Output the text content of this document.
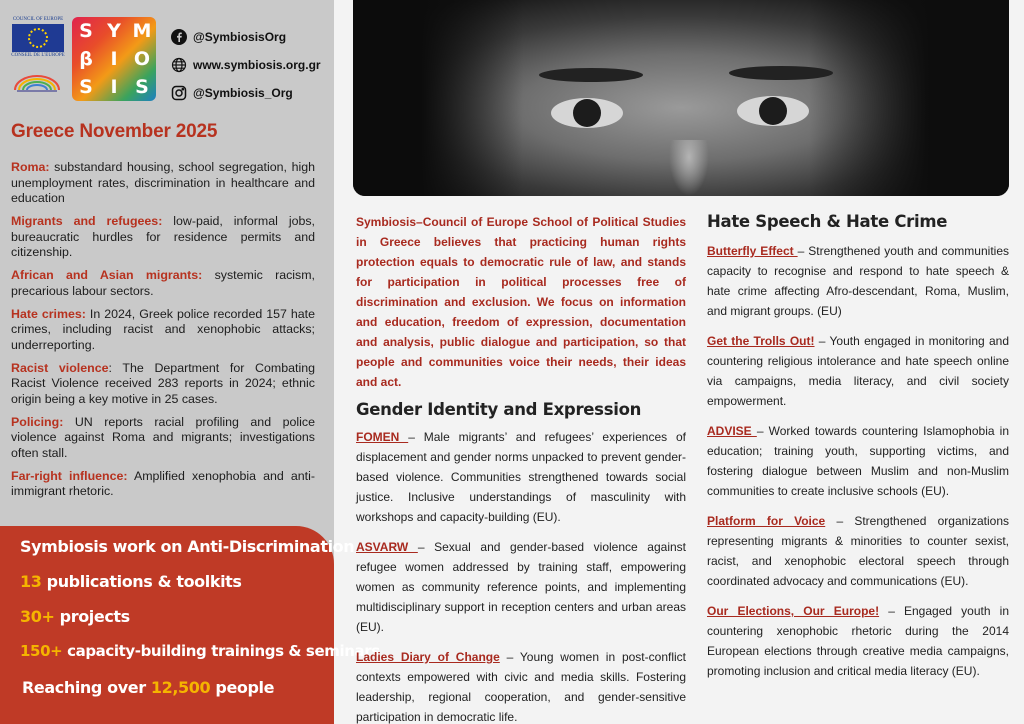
COUNCIL OF EUROPE
CONSEIL DE L'EUROPE
S Y M
β I O
S I S
@SymbiosisOrg
www.symbiosis.org.gr
@Symbiosis_Org
Greece November 2025

Roma: substandard housing, school segregation, high unemployment rates, discrimination in healthcare and education

Migrants and refugees: low-paid, informal jobs, bureaucratic hurdles for residence permits and citizenship.

African and Asian migrants: systemic racism, precarious labour sectors.

Hate crimes: In 2024, Greek police recorded 157 hate crimes, including racist and xenophobic attacks; underreporting.

Racist violence: The Department for Combating Racist Violence received 283 reports in 2024; ethnic origin being a key motive in 25 cases.

Policing: UN reports racial profiling and police violence against Roma and migrants; investigations often stall.

Far-right influence: Amplified xenophobia and anti-immigrant rhetoric.

Symbiosis work on Anti-Discrimination
13 publications & toolkits
30+ projects
150+ capacity-building trainings & seminars
Reaching over 12,500 people

Symbiosis–Council of Europe School of Political Studies in Greece believes that practicing human rights protection equals to democratic rule of law, and stands for participation in political processes free of discrimination and exclusion. We focus on information and education, freedom of expression, documentation and analysis, public dialogue and participation, so that people and communities voice their needs, their ideas and act.

Gender Identity and Expression

FOMEN – Male migrants’ and refugees’ experiences of displacement and gender norms unpacked to prevent gender-based violence. Communities strengthened towards social justice. Inclusive understandings of masculinity with workshops and capacity-building (EU).

ASVARW – Sexual and gender-based violence against refugee women addressed by training staff, empowering women as community reference points, and implementing multidisciplinary support in reception centers and urban areas (EU).

Ladies Diary of Change – Young women in post-conflict contexts empowered with civic and media skills. Fostering leadership, regional cooperation, and gender-sensitive participation in democratic life.

Hate Speech & Hate Crime

Butterfly Effect – Strengthened youth and communities capacity to recognise and respond to hate speech & hate crime affecting Afro-descendant, Roma, Muslim, and migrant groups. (EU)

Get the Trolls Out! – Youth engaged in monitoring and countering religious intolerance and hate speech online via campaigns, media literacy, and civil society empowerment.

ADVISE – Worked towards countering Islamophobia in education; training youth, supporting victims, and fostering dialogue between Muslim and non-Muslim communities to create inclusive schools (EU).

Platform for Voice – Strengthened organizations representing migrants & minorities to counter sexist, racist, and xenophobic electoral speech through coordinated advocacy and communications (EU).

Our Elections, Our Europe! – Engaged youth in countering xenophobic rhetoric during the 2014 European elections through creative media campaigns, promoting inclusion and critical media literacy (EU).
